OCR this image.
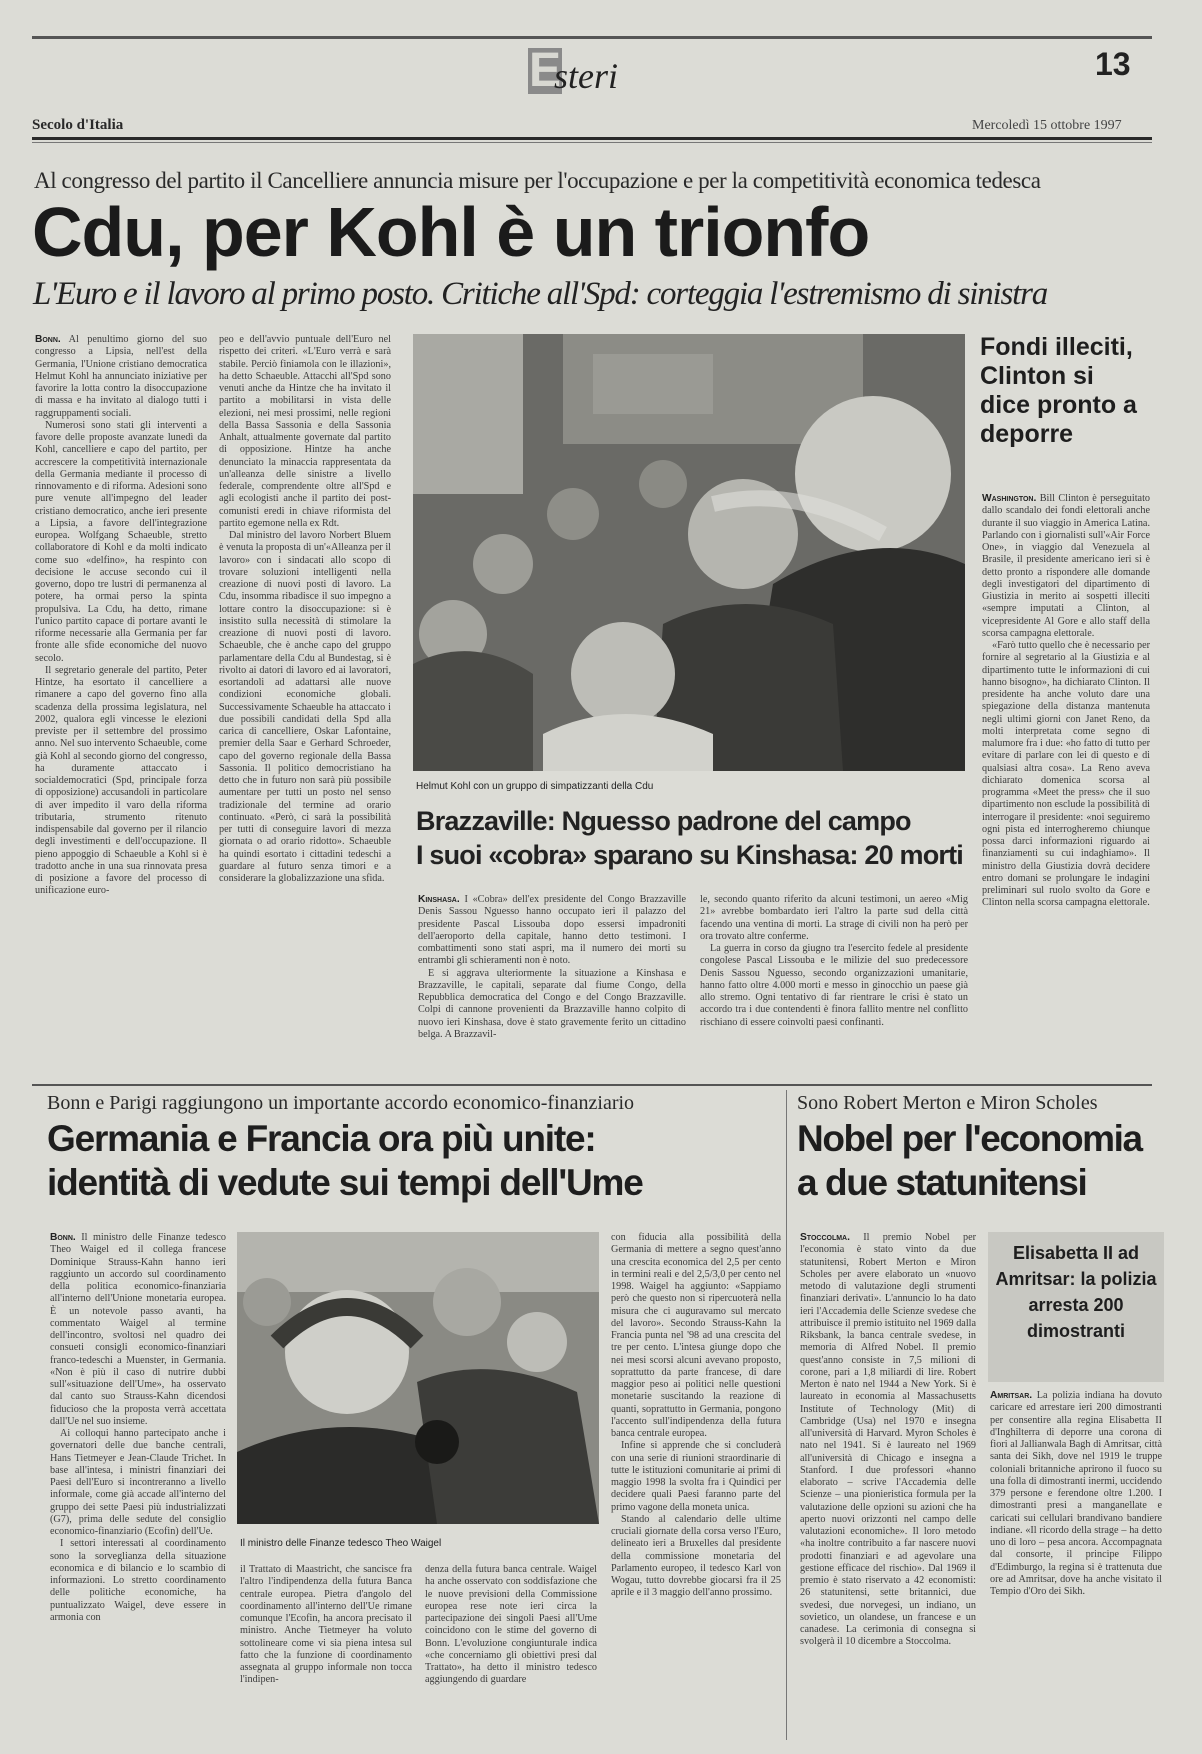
Esteri	13
Secolo d'Italia	Mercoledì 15 ottobre 1997
Al congresso del partito il Cancelliere annuncia misure per l'occupazione e per la competitività economica tedesca
Cdu, per Kohl è un trionfo
L'Euro e il lavoro al primo posto. Critiche all'Spd: corteggia l'estremismo di sinistra

Bonn. Al penultimo giorno del suo congresso a Lipsia, nell'est della Germania, l'Unione cristiano democratica Helmut Kohl ha annunciato iniziative per favorire la lotta contro la disoccupazione di massa e ha invitato al dialogo tutti i raggruppamenti sociali.

Numerosi sono stati gli interventi a favore delle proposte avanzate lunedì da Kohl, cancelliere e capo del partito, per accrescere la competitività internazionale della Germania mediante il processo di rinnovamento e di riforma. Adesioni sono pure venute all'impegno del leader cristiano democratico, anche ieri presente a Lipsia, a favore dell'integrazione europea. Wolfgang Schaeuble, stretto collaboratore di Kohl e da molti indicato come suo «delfino», ha respinto con decisione le accuse secondo cui il governo, dopo tre lustri di permanenza al potere, ha ormai perso la spinta propulsiva. La Cdu, ha detto, rimane l'unico partito capace di portare avanti le riforme necessarie alla Germania per far fronte alle sfide economiche del nuovo secolo.

Il segretario generale del partito, Peter Hintze, ha esortato il cancelliere a rimanere a capo del governo fino alla scadenza della prossima legislatura, nel 2002, qualora egli vincesse le elezioni previste per il settembre del prossimo anno. Nel suo intervento Schaeuble, come già Kohl al secondo giorno del congresso, ha duramente attaccato i socialdemocratici (Spd, principale forza di opposizione) accusandoli in particolare di aver impedito il varo della riforma tributaria, strumento ritenuto indispensabile dal governo per il rilancio degli investimenti e dell'occupazione. Il pieno appoggio di Schaeuble a Kohl si è tradotto anche in una sua rinnovata presa di posizione a favore del processo di unificazione euro-

peo e dell'avvio puntuale dell'Euro nel rispetto dei criteri. «L'Euro verrà e sarà stabile. Perciò finiamola con le illazioni», ha detto Schaeuble. Attacchi all'Spd sono venuti anche da Hintze che ha invitato il partito a mobilitarsi in vista delle elezioni, nei mesi prossimi, nelle regioni della Bassa Sassonia e della Sassonia Anhalt, attualmente governate dal partito di opposizione. Hintze ha anche denunciato la minaccia rappresentata da un'alleanza delle sinistre a livello federale, comprendente oltre all'Spd e agli ecologisti anche il partito dei post-comunisti eredi in chiave riformista del partito egemone nella ex Rdt.

Dal ministro del lavoro Norbert Bluem è venuta la proposta di un'«Alleanza per il lavoro» con i sindacati allo scopo di trovare soluzioni intelligenti nella creazione di nuovi posti di lavoro. La Cdu, insomma ribadisce il suo impegno a lottare contro la disoccupazione: si è insistito sulla necessità di stimolare la creazione di nuovi posti di lavoro. Schaeuble, che è anche capo del gruppo parlamentare della Cdu al Bundestag, si è rivolto ai datori di lavoro ed ai lavoratori, esortandoli ad adattarsi alle nuove condizioni economiche globali. Successivamente Schaeuble ha attaccato i due possibili candidati della Spd alla carica di cancelliere, Oskar Lafontaine, premier della Saar e Gerhard Schroeder, capo del governo regionale della Bassa Sassonia. Il politico democristiano ha detto che in futuro non sarà più possibile aumentare per tutti un posto nel senso tradizionale del termine ad orario continuato. «Però, ci sarà la possibilità per tutti di conseguire lavori di mezza giornata o ad orario ridotto». Schaeuble ha quindi esortato i cittadini tedeschi a guardare al futuro senza timori e a considerare la globalizzazione una sfida.

Helmut Kohl con un gruppo di simpatizzanti della Cdu
Fondi illeciti, Clinton si dice pronto a deporre

Washington. Bill Clinton è perseguitato dallo scandalo dei fondi elettorali anche durante il suo viaggio in America Latina. Parlando con i giornalisti sull'«Air Force One», in viaggio dal Venezuela al Brasile, il presidente americano ieri si è detto pronto a rispondere alle domande degli investigatori del dipartimento di Giustizia in merito ai sospetti illeciti «sempre imputati a Clinton, al vicepresidente Al Gore e allo staff della scorsa campagna elettorale.

«Farò tutto quello che è necessario per fornire al segretario al la Giustizia e al dipartimento tutte le informazioni di cui hanno bisogno», ha dichiarato Clinton. Il presidente ha anche voluto dare una spiegazione della distanza mantenuta negli ultimi giorni con Janet Reno, da molti interpretata come segno di malumore fra i due: «ho fatto di tutto per evitare di parlare con lei di questo e di qualsiasi altra cosa». La Reno aveva dichiarato domenica scorsa al programma «Meet the press» che il suo dipartimento non esclude la possibilità di interrogare il presidente: «noi seguiremo ogni pista ed interrogheremo chiunque possa darci informazioni riguardo ai finanziamenti su cui indaghiamo». Il ministro della Giustizia dovrà decidere entro domani se prolungare le indagini preliminari sul ruolo svolto da Gore e Clinton nella scorsa campagna elettorale.

Brazzaville: Nguesso padrone del campo
I suoi «cobra» sparano su Kinshasa: 20 morti

Kinshasa. I «Cobra» dell'ex presidente del Congo Brazzaville Denis Sassou Nguesso hanno occupato ieri il palazzo del presidente Pascal Lissouba dopo essersi impadroniti dell'aeroporto della capitale, hanno detto testimoni. I combattimenti sono stati aspri, ma il numero dei morti su entrambi gli schieramenti non è noto.

E si aggrava ulteriormente la situazione a Kinshasa e Brazzaville, le capitali, separate dal fiume Congo, della Repubblica democratica del Congo e del Congo Brazzaville. Colpi di cannone provenienti da Brazzaville hanno colpito di nuovo ieri Kinshasa, dove è stato gravemente ferito un cittadino belga. A Brazzavil-

le, secondo quanto riferito da alcuni testimoni, un aereo «Mig 21» avrebbe bombardato ieri l'altro la parte sud della città facendo una ventina di morti. La strage di civili non ha però per ora trovato altre conferme.

La guerra in corso da giugno tra l'esercito fedele al presidente congolese Pascal Lissouba e le milizie del suo predecessore Denis Sassou Nguesso, secondo organizzazioni umanitarie, hanno fatto oltre 4.000 morti e messo in ginocchio un paese già allo stremo. Ogni tentativo di far rientrare le crisi è stato un accordo tra i due contendenti è finora fallito mentre nel conflitto rischiano di essere coinvolti paesi confinanti.

Bonn e Parigi raggiungono un importante accordo economico-finanziario
Germania e Francia ora più unite:
identità di vedute sui tempi dell'Ume

Bonn. Il ministro delle Finanze tedesco Theo Waigel ed il collega francese Dominique Strauss-Kahn hanno ieri raggiunto un accordo sul coordinamento della politica economico-finanziaria all'interno dell'Unione monetaria europea. È un notevole passo avanti, ha commentato Waigel al termine dell'incontro, svoltosi nel quadro dei consueti consigli economico-finanziari franco-tedeschi a Muenster, in Germania. «Non è più il caso di nutrire dubbi sull'«situazione dell'Ume», ha osservato dal canto suo Strauss-Kahn dicendosi fiducioso che la proposta verrà accettata dall'Ue nel suo insieme.

Ai colloqui hanno partecipato anche i governatori delle due banche centrali, Hans Tietmeyer e Jean-Claude Trichet. In base all'intesa, i ministri finanziari dei Paesi dell'Euro si incontreranno a livello informale, come già accade all'interno del gruppo dei sette Paesi più industrializzati (G7), prima delle sedute del consiglio economico-finanziario (Ecofin) dell'Ue.

I settori interessati al coordinamento sono la sorveglianza della situazione economica e di bilancio e lo scambio di informazioni. Lo stretto coordinamento delle politiche economiche, ha puntualizzato Waigel, deve essere in armonia con

Il ministro delle Finanze tedesco Theo Waigel

il Trattato di Maastricht, che sancisce fra l'altro l'indipendenza della futura Banca centrale europea. Pietra d'angolo del coordinamento all'interno dell'Ue rimane comunque l'Ecofin, ha ancora precisato il ministro. Anche Tietmeyer ha voluto sottolineare come vi sia piena intesa sul fatto che la funzione di coordinamento assegnata al gruppo informale non tocca l'indipen-

denza della futura banca centrale. Waigel ha anche osservato con soddisfazione che le nuove previsioni della Commissione europea rese note ieri circa la partecipazione dei singoli Paesi all'Ume coincidono con le stime del governo di Bonn. L'evoluzione congiunturale indica «che concerniamo gli obiettivi presi dal Trattato», ha detto il ministro tedesco aggiungendo di guardare

con fiducia alla possibilità della Germania di mettere a segno quest'anno una crescita economica del 2,5 per cento in termini reali e del 2,5/3,0 per cento nel 1998. Waigel ha aggiunto: «Sappiamo però che questo non si ripercuoterà nella misura che ci auguravamo sul mercato del lavoro». Secondo Strauss-Kahn la Francia punta nel '98 ad una crescita del tre per cento. L'intesa giunge dopo che nei mesi scorsi alcuni avevano proposto, soprattutto da parte francese, di dare maggior peso ai politici nelle questioni monetarie suscitando la reazione di quanti, soprattutto in Germania, pongono l'accento sull'indipendenza della futura banca centrale europea.

Infine si apprende che si concluderà con una serie di riunioni straordinarie di tutte le istituzioni comunitarie ai primi di maggio 1998 la svolta fra i Quindici per decidere quali Paesi faranno parte del primo vagone della moneta unica.

Stando al calendario delle ultime cruciali giornate della corsa verso l'Euro, delineato ieri a Bruxelles dal presidente della commissione monetaria del Parlamento europeo, il tedesco Karl von Wogau, tutto dovrebbe giocarsi fra il 25 aprile e il 3 maggio dell'anno prossimo.

Sono Robert Merton e Miron Scholes
Nobel per l'economia
a due statunitensi

Stoccolma. Il premio Nobel per l'economia è stato vinto da due statunitensi, Robert Merton e Miron Scholes per avere elaborato un «nuovo metodo di valutazione degli strumenti finanziari derivati». L'annuncio lo ha dato ieri l'Accademia delle Scienze svedese che attribuisce il premio istituito nel 1969 dalla Riksbank, la banca centrale svedese, in memoria di Alfred Nobel. Il premio quest'anno consiste in 7,5 milioni di corone, pari a 1,8 miliardi di lire. Robert Merton è nato nel 1944 a New York. Si è laureato in economia al Massachusetts Institute of Technology (Mit) di Cambridge (Usa) nel 1970 e insegna all'università di Harvard. Myron Scholes è nato nel 1941. Si è laureato nel 1969 all'università di Chicago e insegna a Stanford. I due professori «hanno elaborato – scrive l'Accademia delle Scienze – una pionieristica formula per la valutazione delle opzioni su azioni che ha aperto nuovi orizzonti nel campo delle valutazioni economiche». Il loro metodo «ha inoltre contribuito a far nascere nuovi prodotti finanziari e ad agevolare una gestione efficace del rischio». Dal 1969 il premio è stato riservato a 42 economisti: 26 statunitensi, sette britannici, due svedesi, due norvegesi, un indiano, un sovietico, un olandese, un francese e un canadese. La cerimonia di consegna si svolgerà il 10 dicembre a Stoccolma.

Elisabetta II ad Amritsar: la polizia arresta 200 dimostranti

Amritsar. La polizia indiana ha dovuto caricare ed arrestare ieri 200 dimostranti per consentire alla regina Elisabetta II d'Inghilterra di deporre una corona di fiori al Jallianwala Bagh di Amritsar, città santa dei Sikh, dove nel 1919 le truppe coloniali britanniche aprirono il fuoco su una folla di dimostranti inermi, uccidendo 379 persone e ferendone oltre 1.200. I dimostranti presi a manganellate e caricati sui cellulari brandivano bandiere indiane. «Il ricordo della strage – ha detto uno di loro – pesa ancora. Accompagnata dal consorte, il principe Filippo d'Edimburgo, la regina si è trattenuta due ore ad Amritsar, dove ha anche visitato il Tempio d'Oro dei Sikh.
